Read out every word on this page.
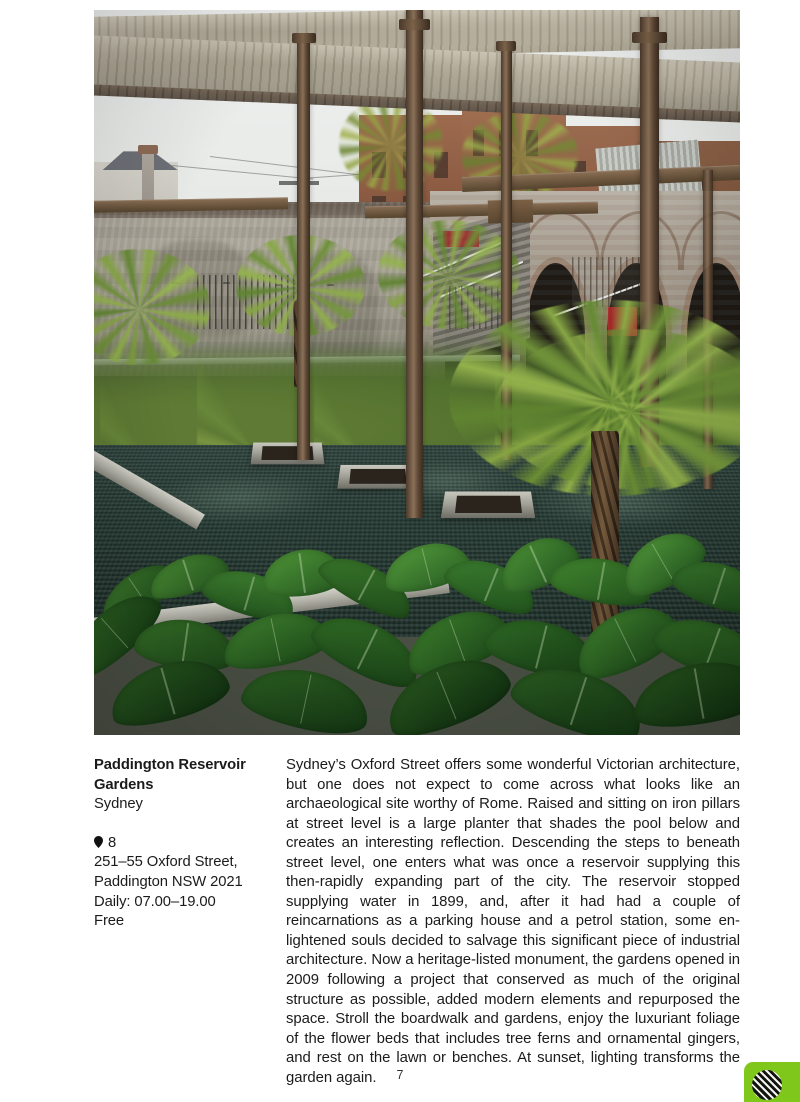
Paddington Reservoir
Gardens
Sydney
8
251–55 Oxford Street,
Paddington NSW 2021
Daily: 07.00–19.00
Free

Sydney’s Oxford Street offers some wonderful Victorian architecture, but one does not expect to come across what looks like an archaeological site worthy of Rome. Raised and sitting on iron pillars at street level is a large planter that shades the pool below and creates an interesting reflection. Descending the steps to beneath street level, one enters what was once a reservoir supplying this then-rapidly expanding part of the city. The reservoir stopped supplying water in 1899, and, after it had had a couple of reincarnations as a parking house and a petrol station, some enlightened souls decided to salvage this significant piece of industrial architecture. Now a heritage-listed monument, the gardens opened in 2009 following a project that conserved as much of the original structure as possible, added modern elements and repurposed the space. Stroll the boardwalk and gardens, enjoy the luxuriant foliage of the flower beds that includes tree ferns and ornamental gingers, and rest on the lawn or benches. At sunset, lighting transforms the garden again.	7
